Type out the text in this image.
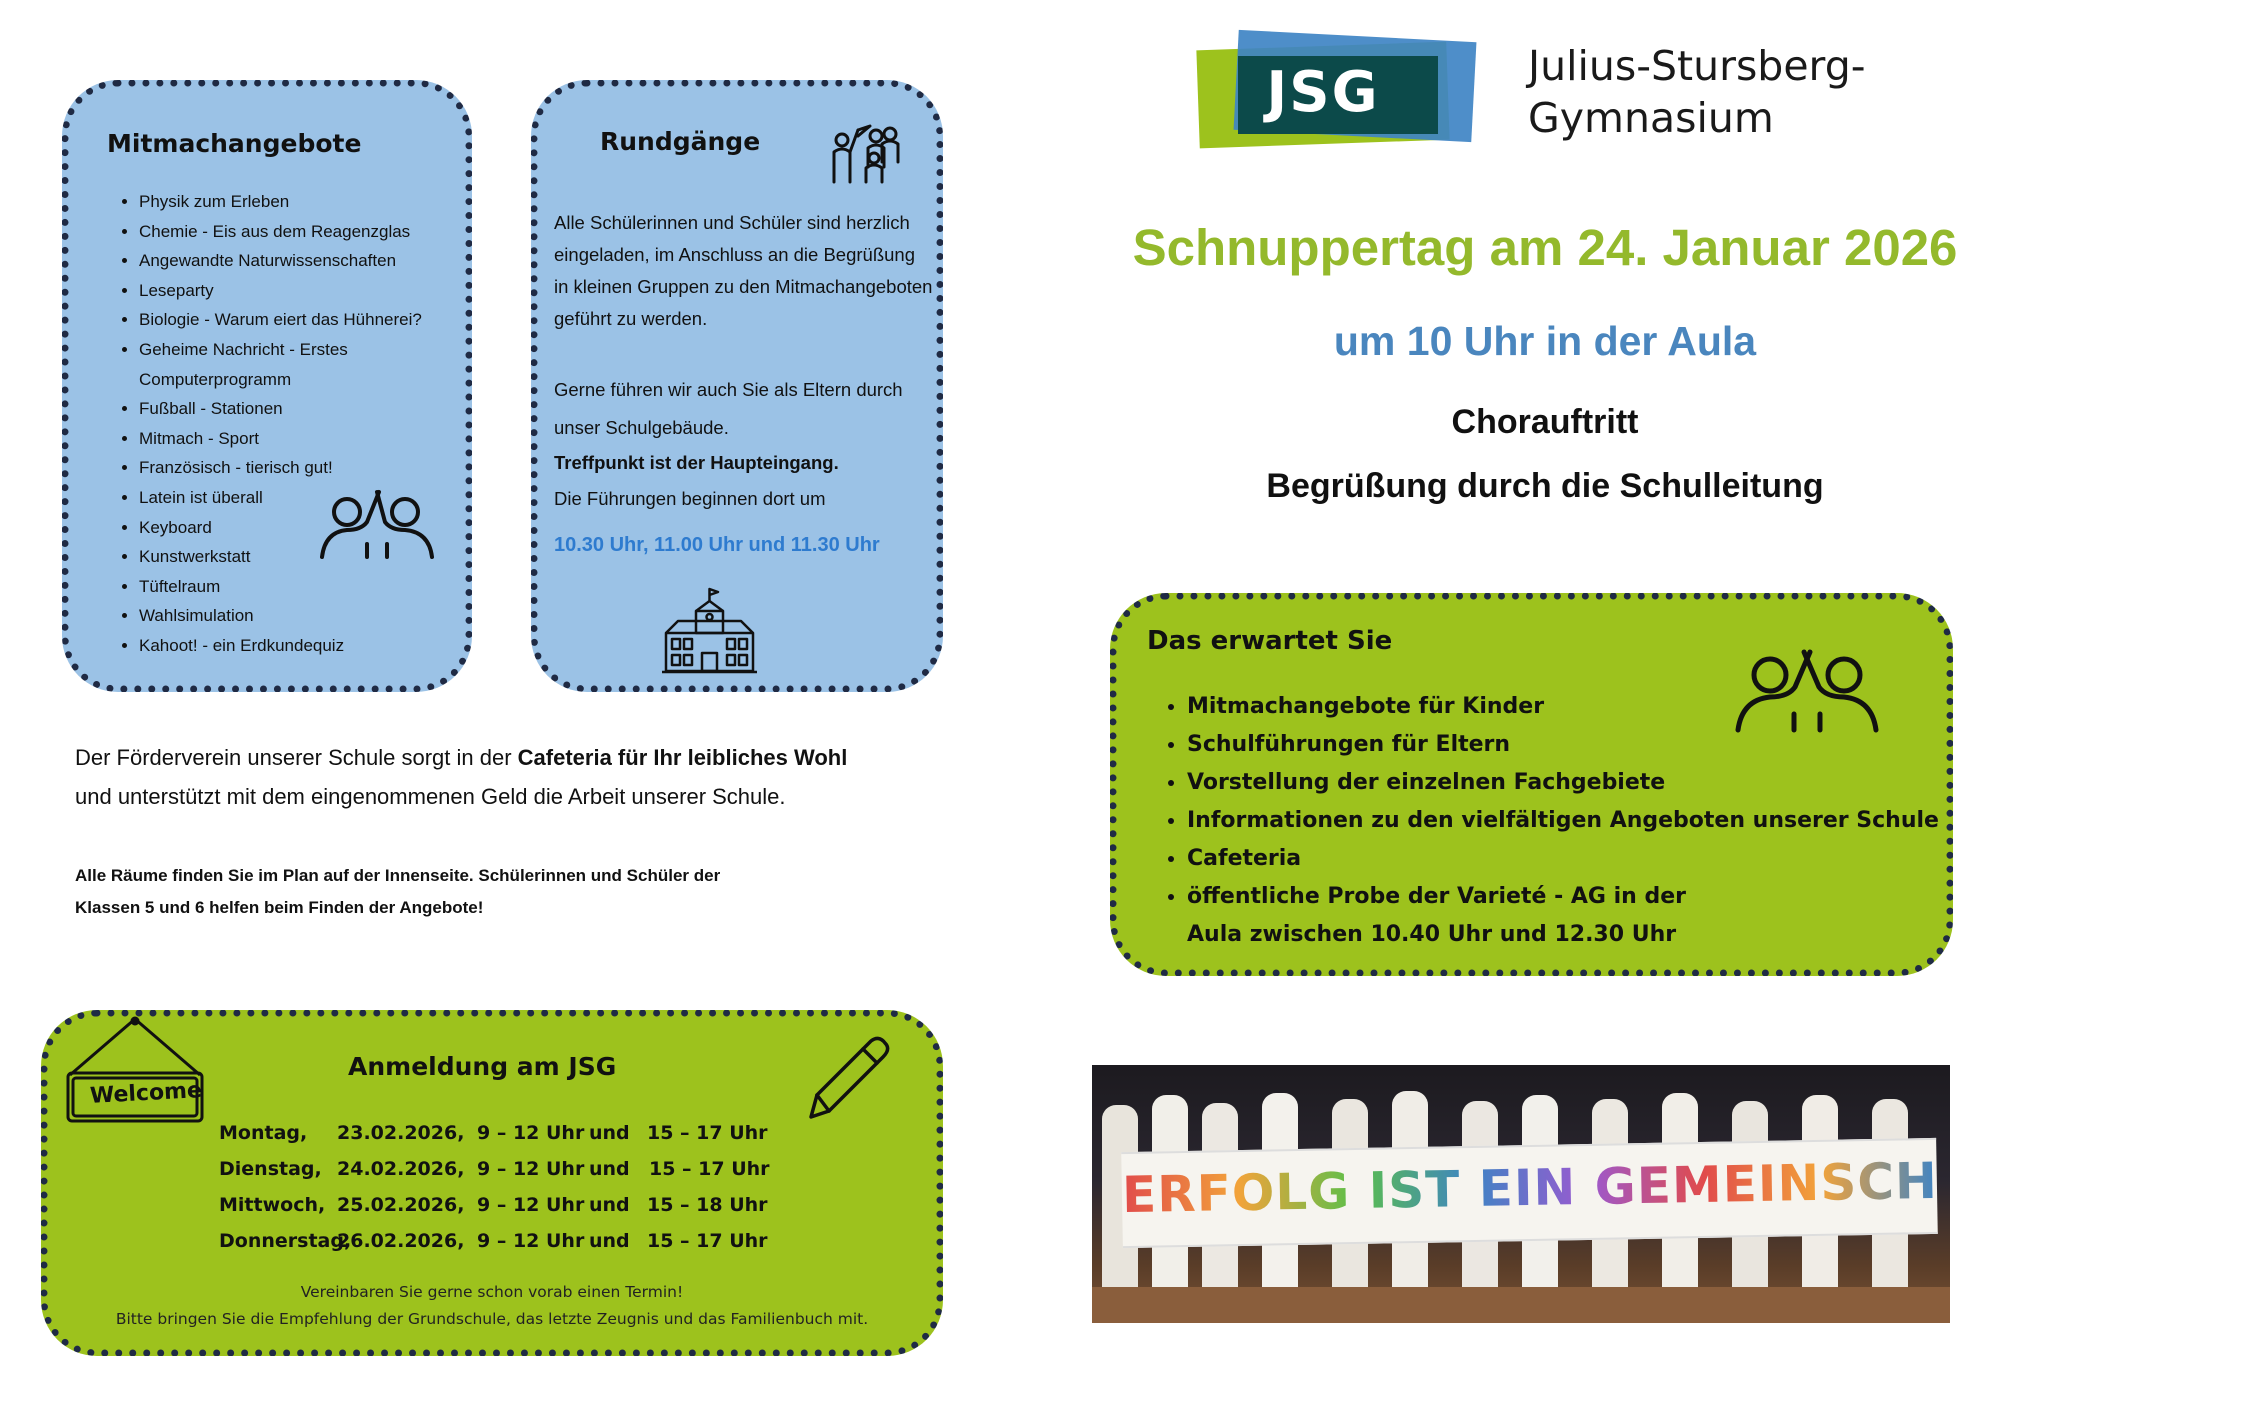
Mitmachangebote
• Physik zum Erleben
• Chemie - Eis aus dem Reagenzglas
• Angewandte Naturwissenschaften
• Leseparty
• Biologie - Warum eiert das Hühnerei?
• Geheime Nachricht - Erstes Computerprogramm
• Fußball - Stationen
• Mitmach - Sport
• Französisch - tierisch gut!
• Latein ist überall
• Keyboard
• Kunstwerkstatt
• Tüftelraum
• Wahlsimulation
• Kahoot! - ein Erdkundequiz
Rundgänge

Alle Schülerinnen und Schüler sind herzlich eingeladen, im Anschluss an die Begrüßung in kleinen Gruppen zu den Mitmachangeboten geführt zu werden.

Gerne führen wir auch Sie als Eltern durch unser Schulgebäude.

Treffpunkt ist der Haupteingang.

Die Führungen beginnen dort um

10.30 Uhr, 11.00 Uhr und 11.30 Uhr

Der Förderverein unserer Schule sorgt in der Cafeteria für Ihr leibliches Wohl
und unterstützt mit dem eingenommenen Geld die Arbeit unserer Schule.
Alle Räume finden Sie im Plan auf der Innenseite. Schülerinnen und Schüler der
Klassen 5 und 6 helfen beim Finden der Angebote!
Welcome
Anmeldung am JSG
Montag, 23.02.2026, 9 – 12 Uhr und 15 – 17 Uhr
Dienstag, 24.02.2026, 9 – 12 Uhr und 15 – 17 Uhr
Mittwoch, 25.02.2026, 9 – 12 Uhr und 15 – 18 Uhr
Donnerstag,
26.02.2026, 9 – 12 Uhr und 15 – 17 Uhr
Vereinbaren Sie gerne schon vorab einen Termin!
Bitte bringen Sie die Empfehlung der Grundschule, das letzte Zeugnis und das Familienbuch mit.
JSG	Julius-Stursberg-
Gymnasium
Schnuppertag am 24. Januar 2026
um 10 Uhr in der Aula
Chorauftritt
Begrüßung durch die Schulleitung
Das erwartet Sie
• Mitmachangebote für Kinder
• Schulführungen für Eltern
• Vorstellung der einzelnen Fachgebiete
• Informationen zu den vielfältigen Angeboten unserer Schule
• Cafeteria
• öffentliche Probe der Varieté - AG in der Aula zwischen 10.40 Uhr und 12.30 Uhr
ERFOLG IST EIN GEMEINSCHAFTSWERK
